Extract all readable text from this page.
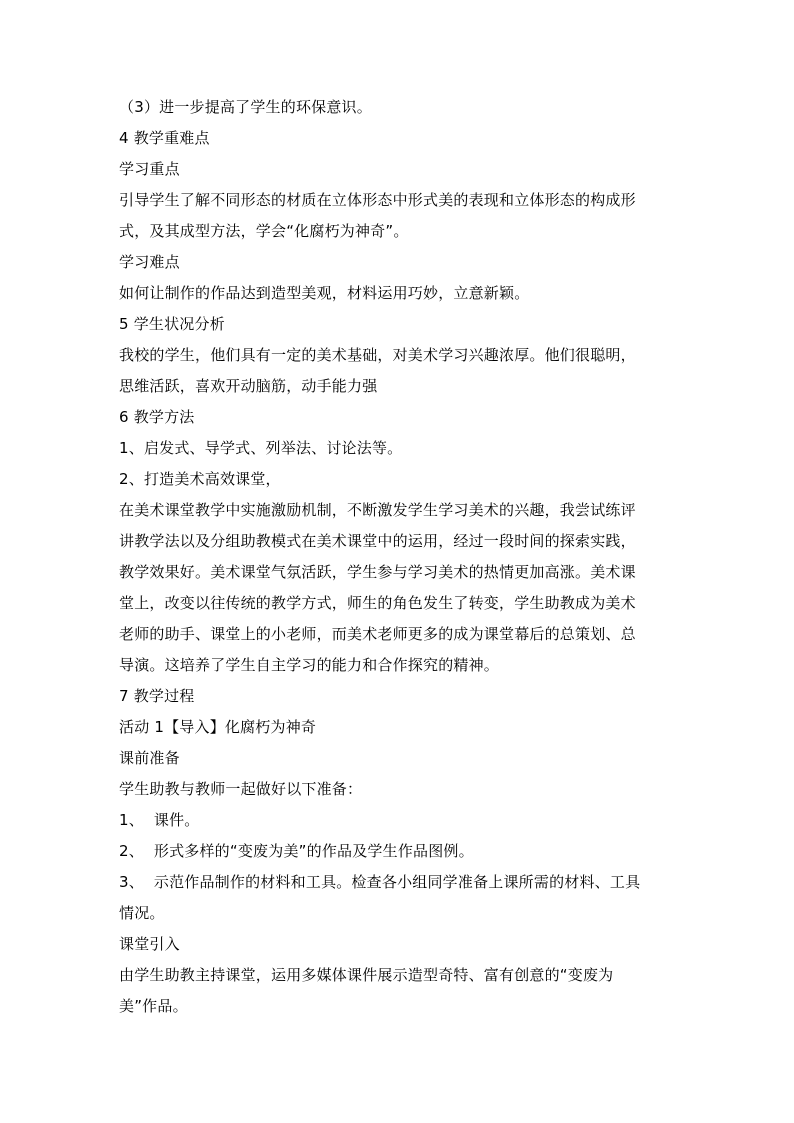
（3）进一步提高了学生的环保意识。
4 教学重难点
学习重点
引导学生了解不同形态的材质在立体形态中形式美的表现和立体形态的构成形
式，及其成型方法，学会“化腐朽为神奇”。
学习难点
如何让制作的作品达到造型美观，材料运用巧妙，立意新颖。
5 学生状况分析
我校的学生，他们具有一定的美术基础，对美术学习兴趣浓厚。他们很聪明，
思维活跃，喜欢开动脑筋，动手能力强
6 教学方法
1、启发式、导学式、列举法、讨论法等。
2、打造美术高效课堂，
在美术课堂教学中实施激励机制，不断激发学生学习美术的兴趣，我尝试练评
讲教学法以及分组助教模式在美术课堂中的运用，经过一段时间的探索实践，
教学效果好。美术课堂气氛活跃，学生参与学习美术的热情更加高涨。美术课
堂上，改变以往传统的教学方式，师生的角色发生了转变，学生助教成为美术
老师的助手、课堂上的小老师，而美术老师更多的成为课堂幕后的总策划、总
导演。这培养了学生自主学习的能力和合作探究的精神。
7 教学过程
活动 1【导入】化腐朽为神奇
课前准备
学生助教与教师一起做好以下准备：
1、  课件。
2、  形式多样的“变废为美”的作品及学生作品图例。
3、  示范作品制作的材料和工具。检查各小组同学准备上课所需的材料、工具
情况。
课堂引入
由学生助教主持课堂，运用多媒体课件展示造型奇特、富有创意的“变废为
美”作品。
